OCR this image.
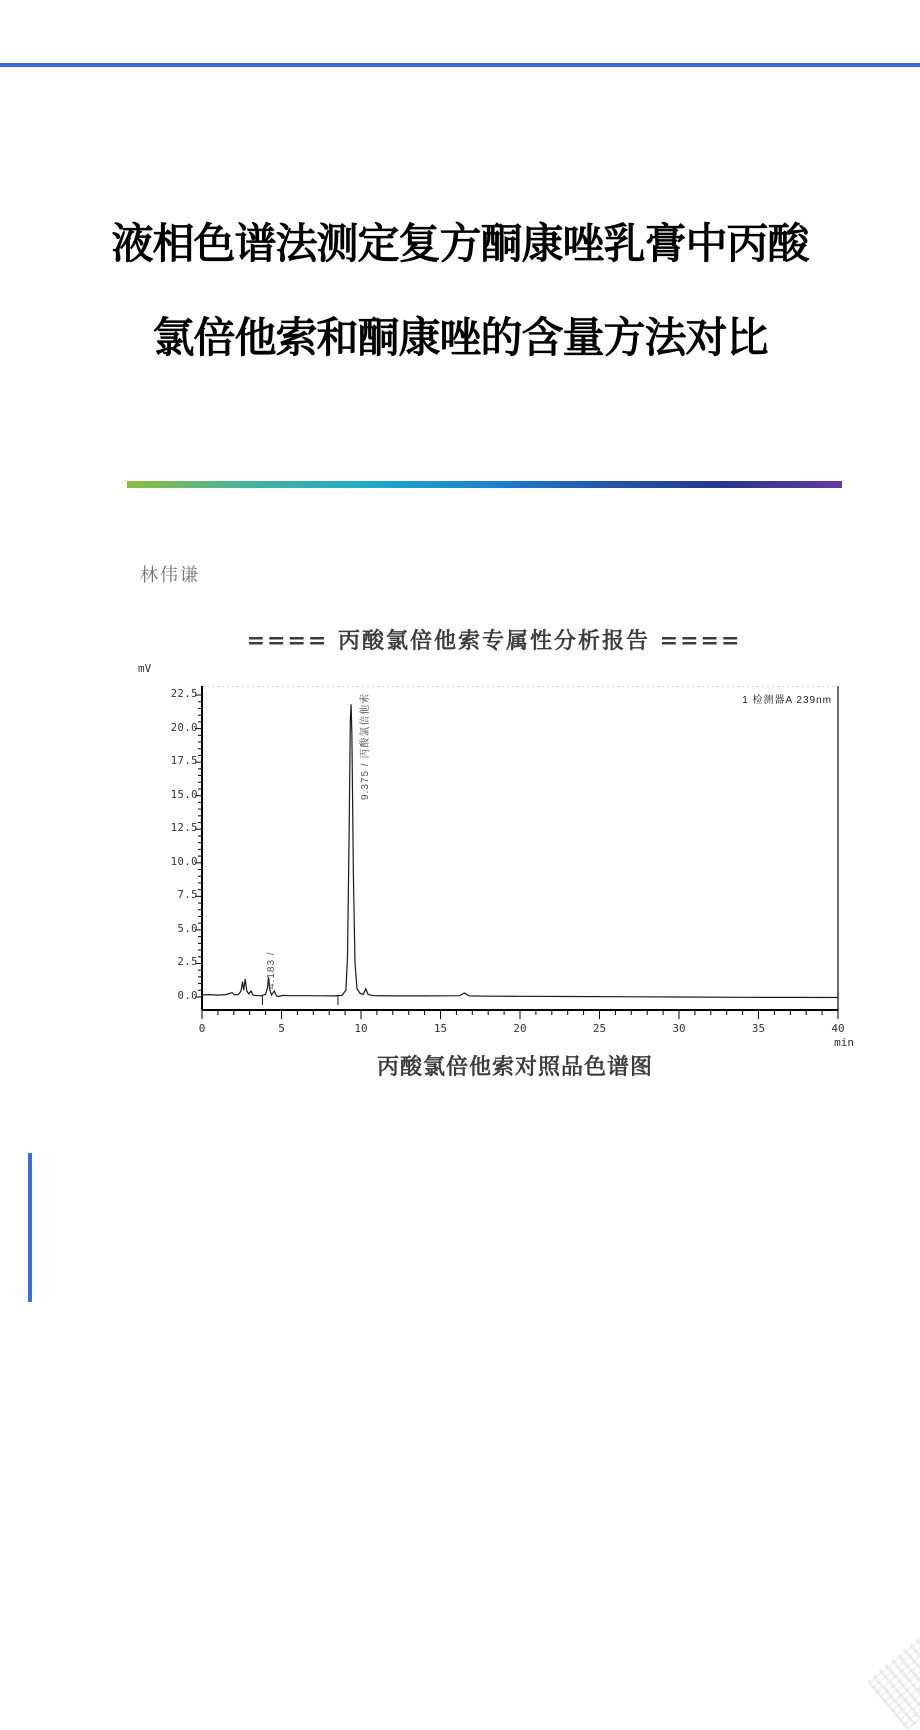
液相色谱法测定复方酮康唑乳膏中丙酸
氯倍他索和酮康唑的含量方法对比
林伟谦
==== 丙酸氯倍他索专属性分析报告 ====
mV
0.0
2.5
5.0
7.5
10.0
12.5
15.0
17.5
20.0
22.5
0	5	10	15	20	25	30	35	40
1 检测器A 239nm
9.375 / 丙酸氯倍他索
4.183 /
min
丙酸氯倍他索对照品色谱图
